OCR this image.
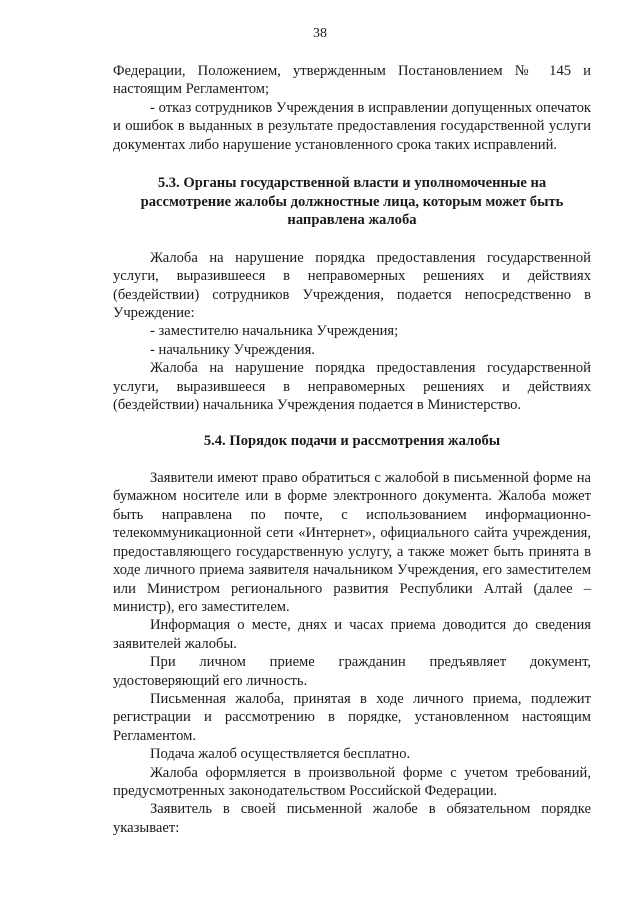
38

Федерации, Положением, утвержденным Постановлением № 145 и настоящим Регламентом;

- отказ сотрудников Учреждения в исправлении допущенных опечаток и ошибок в выданных в результате предоставления государственной услуги документах либо нарушение установленного срока таких исправлений.

5.3. Органы государственной власти и уполномоченные на рассмотрение жалобы должностные лица, которым может быть направлена жалоба

Жалоба на нарушение порядка предоставления государственной услуги, выразившееся в неправомерных решениях и действиях (бездействии) сотрудников Учреждения, подается непосредственно в Учреждение:

- заместителю начальника Учреждения;

- начальнику Учреждения.

Жалоба на нарушение порядка предоставления государственной услуги, выразившееся в неправомерных решениях и действиях (бездействии) начальника Учреждения подается в Министерство.

5.4. Порядок подачи и рассмотрения жалобы

Заявители имеют право обратиться с жалобой в письменной форме на бумажном носителе или в форме электронного документа. Жалоба может быть направлена по почте, с использованием информационно-телекоммуникационной сети «Интернет», официального сайта учреждения, предоставляющего государственную услугу, а также может быть принята в ходе личного приема заявителя начальником Учреждения, его заместителем или Министром регионального развития Республики Алтай (далее – министр), его заместителем.

Информация о месте, днях и часах приема доводится до сведения заявителей жалобы.

При личном приеме гражданин предъявляет документ, удостоверяющий его личность.

Письменная жалоба, принятая в ходе личного приема, подлежит регистрации и рассмотрению в порядке, установленном настоящим Регламентом.

Подача жалоб осуществляется бесплатно.

Жалоба оформляется в произвольной форме с учетом требований, предусмотренных законодательством Российской Федерации.

Заявитель в своей письменной жалобе в обязательном порядке указывает:
